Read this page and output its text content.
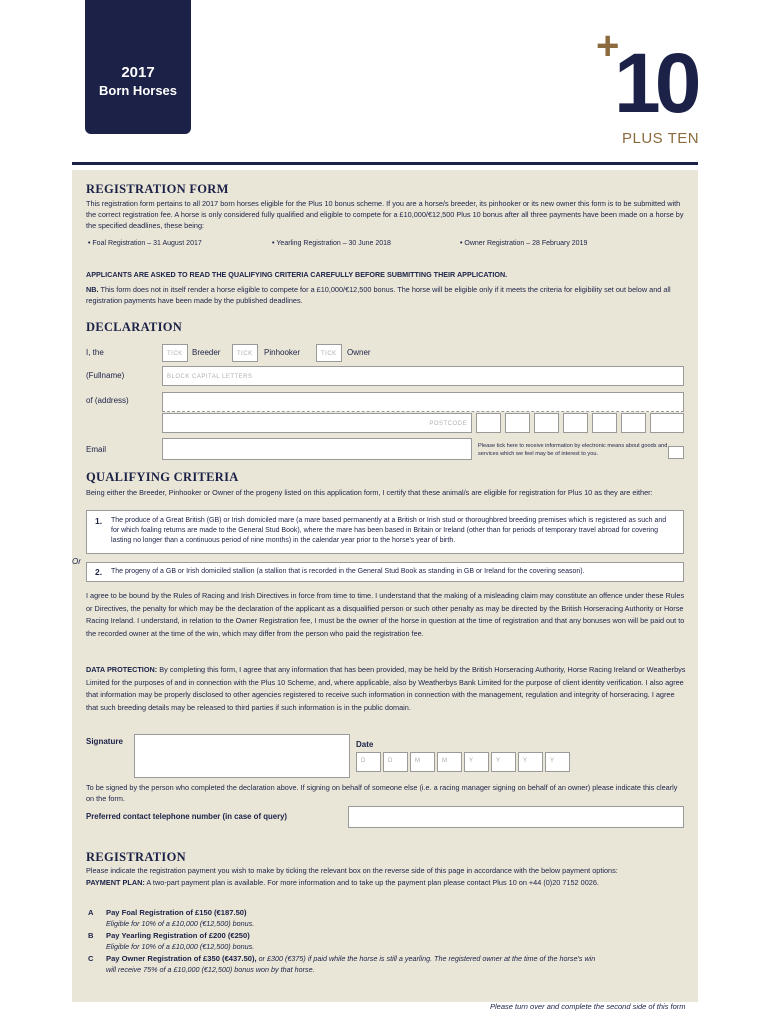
2017
Born Horses
+
10
PLUS TEN
REGISTRATION FORM
This registration form pertains to all 2017 born horses eligible for the Plus 10 bonus scheme. If you are a horse/s breeder, its pinhooker or its new owner this form is to be submitted with the correct registration fee. A horse is only considered fully qualified and eligible to compete for a £10,000/€12,500 Plus 10 bonus after all three payments have been made on a horse by the specified deadlines, these being:
• Foal Registration – 31 August 2017	• Yearling Registration – 30 June 2018	• Owner Registration – 28 February 2019
APPLICANTS ARE ASKED TO READ THE QUALIFYING CRITERIA CAREFULLY BEFORE SUBMITTING THEIR APPLICATION.
NB. This form does not in itself render a horse eligible to compete for a £10,000/€12,500 bonus. The horse will be eligible only if it meets the criteria for eligibility set out below and all registration payments have been made by the published deadlines.
DECLARATION
I, the	TICK Breeder	TICK Pinhooker	TICK Owner
(Fullname)	BLOCK CAPITAL LETTERS
of (address)
POSTCODE
Email	Please tick here to receive information by electronic means about goods and services which we feel may be of interest to you.
QUALIFYING CRITERIA
Being either the Breeder, Pinhooker or Owner of the progeny listed on this application form, I certify that these animal/s are eligible for registration for Plus 10 as they are either:
1. The produce of a Great British (GB) or Irish domiciled mare (a mare based permanently at a British or Irish stud or thoroughbred breeding premises which is registered as such and for which foaling returns are made to the General Stud Book), where the mare has been based in Britain or Ireland (other than for periods of temporary travel abroad for covering lasting no longer than a continuous period of nine months) in the calendar year prior to the horse's year of birth.
Or
2. The progeny of a GB or Irish domiciled stallion (a stallion that is recorded in the General Stud Book as standing in GB or Ireland for the covering season).
I agree to be bound by the Rules of Racing and Irish Directives in force from time to time. I understand that the making of a misleading claim may constitute an offence under these Rules or Directives, the penalty for which may be the declaration of the applicant as a disqualified person or such other penalty as may be directed by the British Horseracing Authority or Horse Racing Ireland. I understand, in relation to the Owner Registration fee, I must be the owner of the horse in question at the time of registration and that any bonuses won will be paid out to the recorded owner at the time of the win, which may differ from the person who paid the registration fee.
DATA PROTECTION: By completing this form, I agree that any information that has been provided, may be held by the British Horseracing Authority, Horse Racing Ireland or Weatherbys Limited for the purposes of and in connection with the Plus 10 Scheme, and, where applicable, also by Weatherbys Bank Limited for the purpose of client identity verification. I also agree that information may be properly disclosed to other agencies registered to receive such information in connection with the management, regulation and integrity of horseracing. I agree that such breeding details may be released to third parties if such information is in the public domain.
Signature	Date
D	D	M	M	Y	Y	Y	Y
To be signed by the person who completed the declaration above. If signing on behalf of someone else (i.e. a racing manager signing on behalf of an owner) please indicate this clearly on the form.
Preferred contact telephone number (in case of query)
REGISTRATION
Please indicate the registration payment you wish to make by ticking the relevant box on the reverse side of this page in accordance with the below payment options:
PAYMENT PLAN: A two-part payment plan is available. For more information and to take up the payment plan please contact Plus 10 on +44 (0)20 7152 0026.
A Pay Foal Registration of £150 (€187.50)
Eligible for 10% of a £10,000 (€12,500) bonus.
B Pay Yearling Registration of £200 (€250)
Eligible for 10% of a £10,000 (€12,500) bonus.
C Pay Owner Registration of £350 (€437.50), or £300 (€375) if paid while the horse is still a yearling. The registered owner at the time of the horse's win
will receive 75% of a £10,000 (€12,500) bonus won by that horse.
Please turn over and complete the second side of this form
